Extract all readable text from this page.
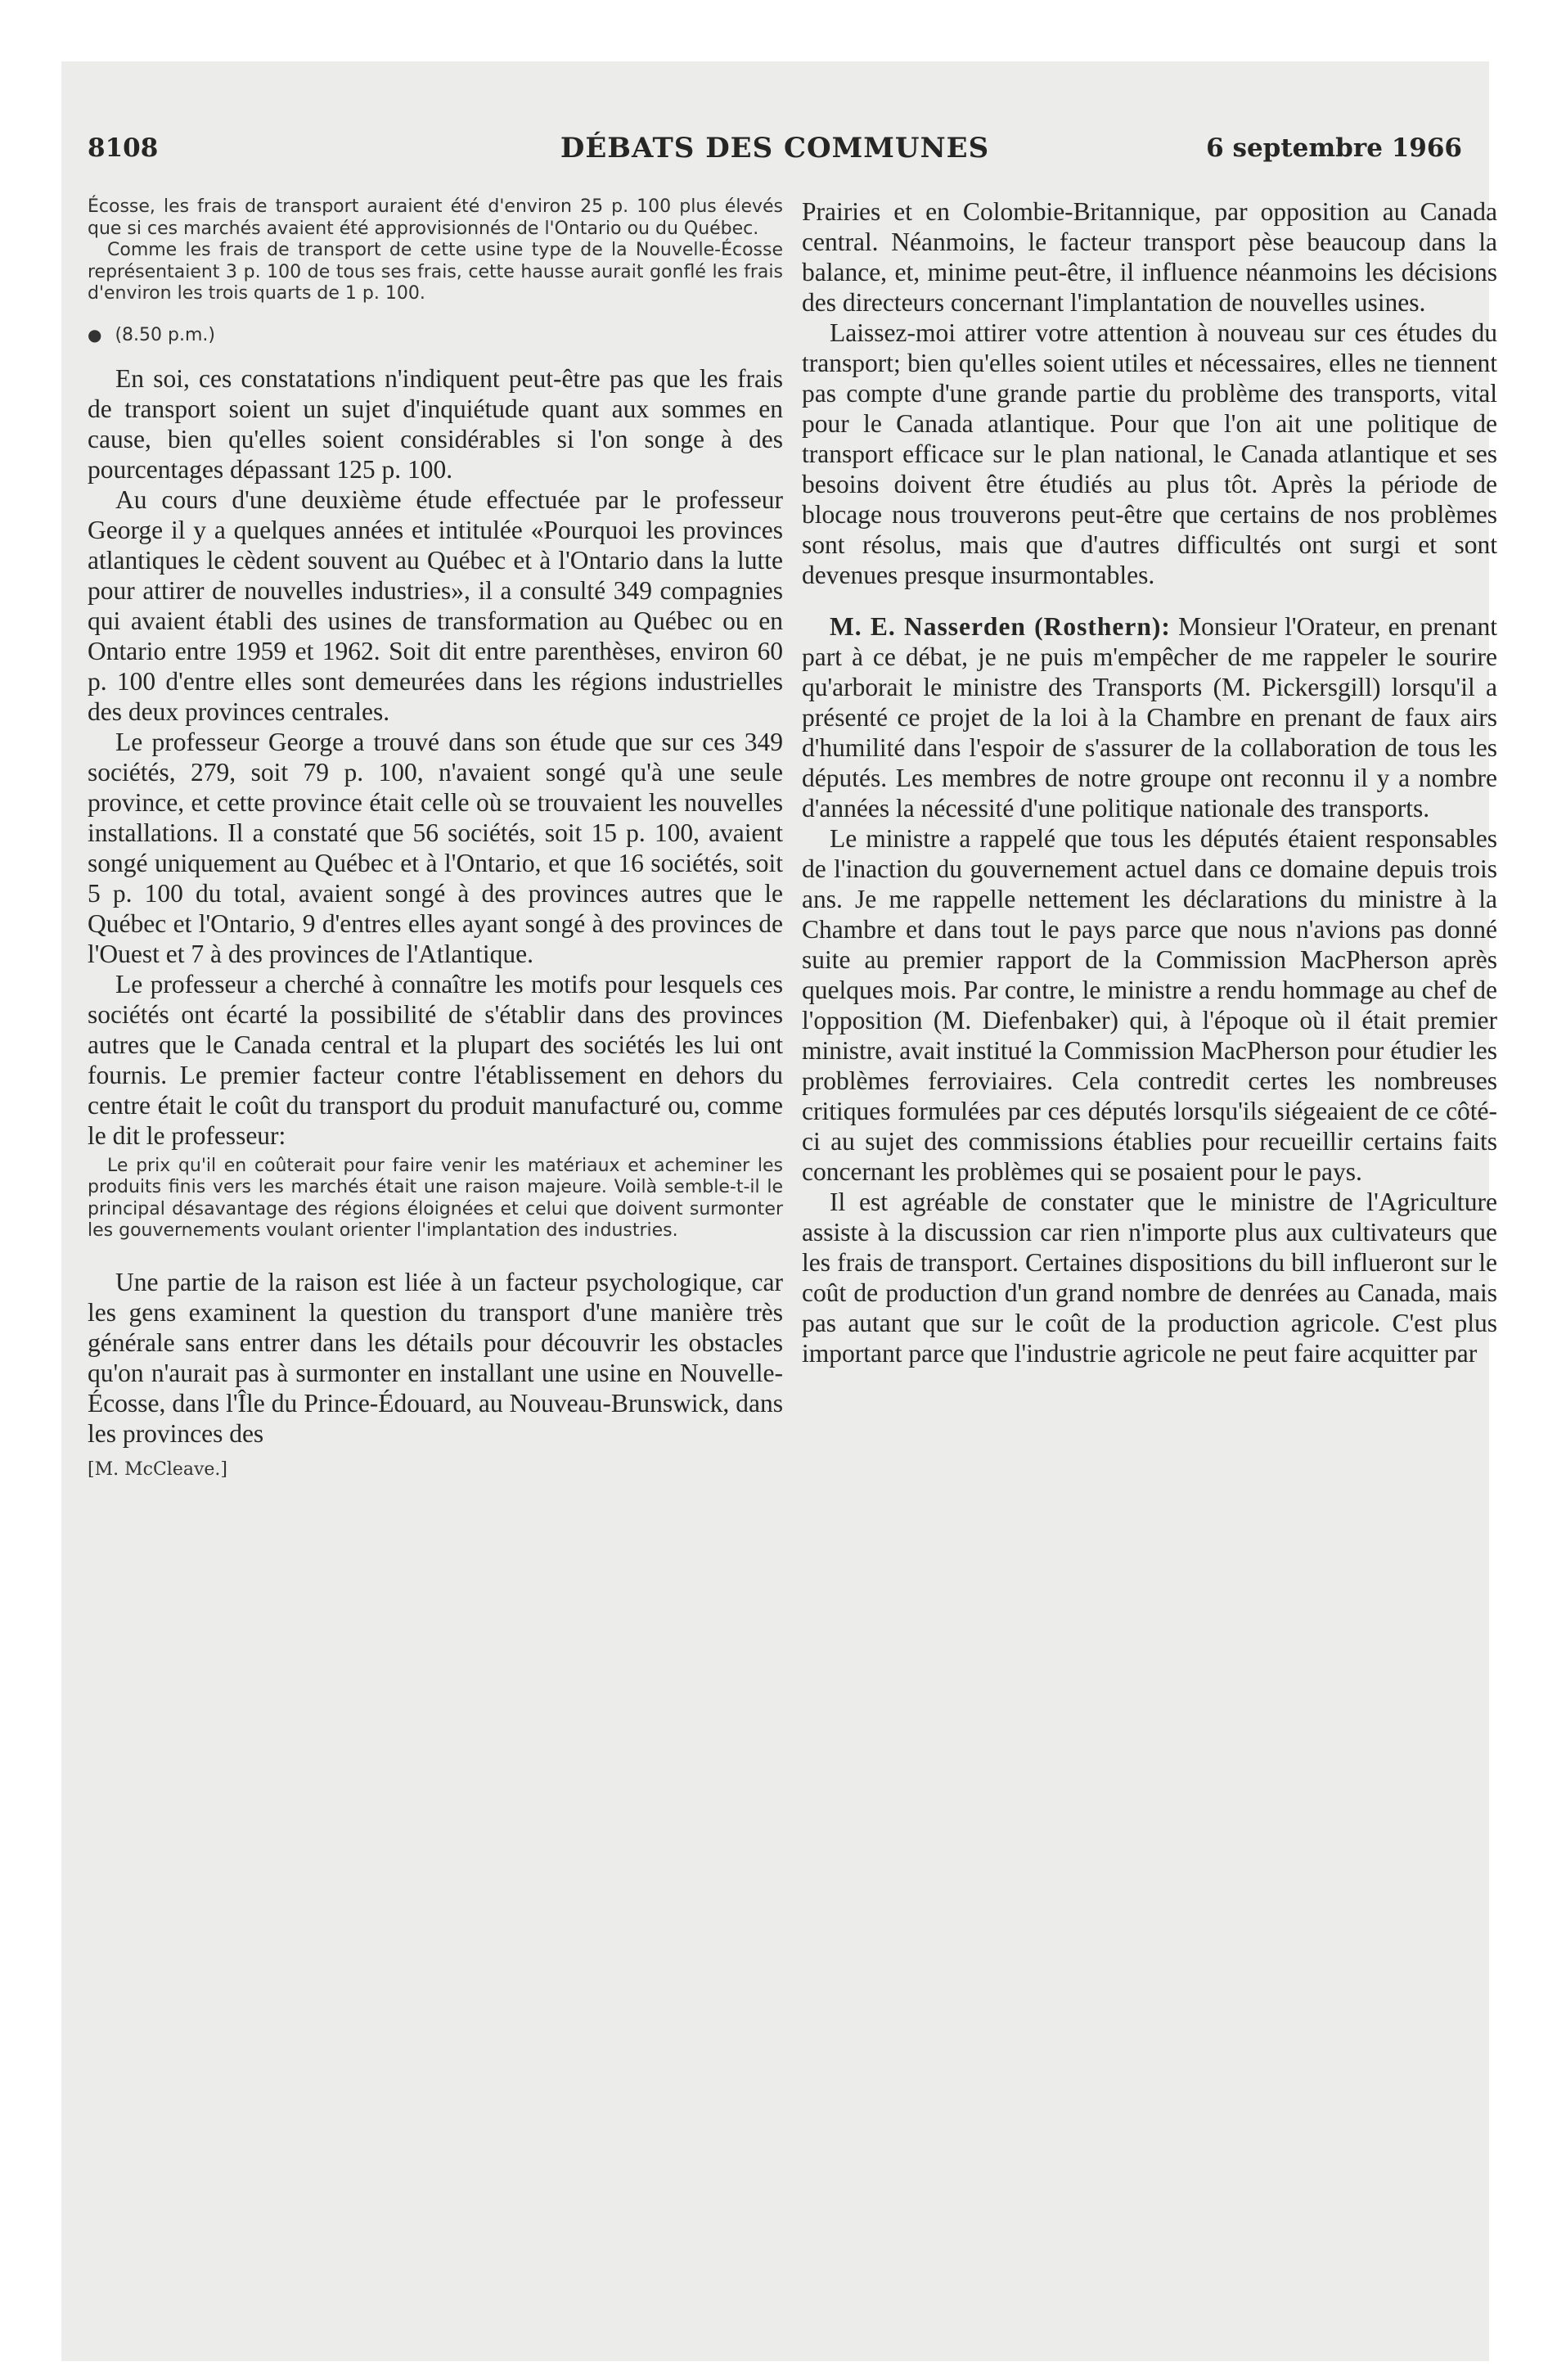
8108	DÉBATS DES COMMUNES	6 septembre 1966

Écosse, les frais de transport auraient été d'environ 25 p. 100 plus élevés que si ces marchés avaient été approvisionnés de l'Ontario ou du Québec.

Comme les frais de transport de cette usine type de la Nouvelle-Écosse représentaient 3 p. 100 de tous ses frais, cette hausse aurait gonflé les frais d'environ les trois quarts de 1 p. 100.

● (8.50 p.m.)

En soi, ces constatations n'indiquent peut-être pas que les frais de transport soient un sujet d'inquiétude quant aux sommes en cause, bien qu'elles soient considérables si l'on songe à des pourcentages dépassant 125 p. 100.

Au cours d'une deuxième étude effectuée par le professeur George il y a quelques années et intitulée «Pourquoi les provinces atlantiques le cèdent souvent au Québec et à l'Ontario dans la lutte pour attirer de nouvelles industries», il a consulté 349 compagnies qui avaient établi des usines de transformation au Québec ou en Ontario entre 1959 et 1962. Soit dit entre parenthèses, environ 60 p. 100 d'entre elles sont demeurées dans les régions industrielles des deux provinces centrales.

Le professeur George a trouvé dans son étude que sur ces 349 sociétés, 279, soit 79 p. 100, n'avaient songé qu'à une seule province, et cette province était celle où se trouvaient les nouvelles installations. Il a constaté que 56 sociétés, soit 15 p. 100, avaient songé uniquement au Québec et à l'Ontario, et que 16 sociétés, soit 5 p. 100 du total, avaient songé à des provinces autres que le Québec et l'Ontario, 9 d'entres elles ayant songé à des provinces de l'Ouest et 7 à des provinces de l'Atlantique.

Le professeur a cherché à connaître les motifs pour lesquels ces sociétés ont écarté la possibilité de s'établir dans des provinces autres que le Canada central et la plupart des sociétés les lui ont fournis. Le premier facteur contre l'établissement en dehors du centre était le coût du transport du produit manufacturé ou, comme le dit le professeur:

Le prix qu'il en coûterait pour faire venir les matériaux et acheminer les produits finis vers les marchés était une raison majeure. Voilà semble-t-il le principal désavantage des régions éloignées et celui que doivent surmonter les gouvernements voulant orienter l'implantation des industries.

Une partie de la raison est liée à un facteur psychologique, car les gens examinent la question du transport d'une manière très générale sans entrer dans les détails pour découvrir les obstacles qu'on n'aurait pas à surmonter en installant une usine en Nouvelle-Écosse, dans l'Île du Prince-Édouard, au Nouveau-Brunswick, dans les provinces des

[M. McCleave.]

Prairies et en Colombie-Britannique, par opposition au Canada central. Néanmoins, le facteur transport pèse beaucoup dans la balance, et, minime peut-être, il influence néanmoins les décisions des directeurs concernant l'implantation de nouvelles usines.

Laissez-moi attirer votre attention à nouveau sur ces études du transport; bien qu'elles soient utiles et nécessaires, elles ne tiennent pas compte d'une grande partie du problème des transports, vital pour le Canada atlantique. Pour que l'on ait une politique de transport efficace sur le plan national, le Canada atlantique et ses besoins doivent être étudiés au plus tôt. Après la période de blocage nous trouverons peut-être que certains de nos problèmes sont résolus, mais que d'autres difficultés ont surgi et sont devenues presque insurmontables.

M. E. Nasserden (Rosthern): Monsieur l'Orateur, en prenant part à ce débat, je ne puis m'empêcher de me rappeler le sourire qu'arborait le ministre des Transports (M. Pickersgill) lorsqu'il a présenté ce projet de la loi à la Chambre en prenant de faux airs d'humilité dans l'espoir de s'assurer de la collaboration de tous les députés. Les membres de notre groupe ont reconnu il y a nombre d'années la nécessité d'une politique nationale des transports.

Le ministre a rappelé que tous les députés étaient responsables de l'inaction du gouvernement actuel dans ce domaine depuis trois ans. Je me rappelle nettement les déclarations du ministre à la Chambre et dans tout le pays parce que nous n'avions pas donné suite au premier rapport de la Commission MacPherson après quelques mois. Par contre, le ministre a rendu hommage au chef de l'opposition (M. Diefenbaker) qui, à l'époque où il était premier ministre, avait institué la Commission MacPherson pour étudier les problèmes ferroviaires. Cela contredit certes les nombreuses critiques formulées par ces députés lorsqu'ils siégeaient de ce côté-ci au sujet des commissions établies pour recueillir certains faits concernant les problèmes qui se posaient pour le pays.

Il est agréable de constater que le ministre de l'Agriculture assiste à la discussion car rien n'importe plus aux cultivateurs que les frais de transport. Certaines dispositions du bill influeront sur le coût de production d'un grand nombre de denrées au Canada, mais pas autant que sur le coût de la production agricole. C'est plus important parce que l'industrie agricole ne peut faire acquitter par
